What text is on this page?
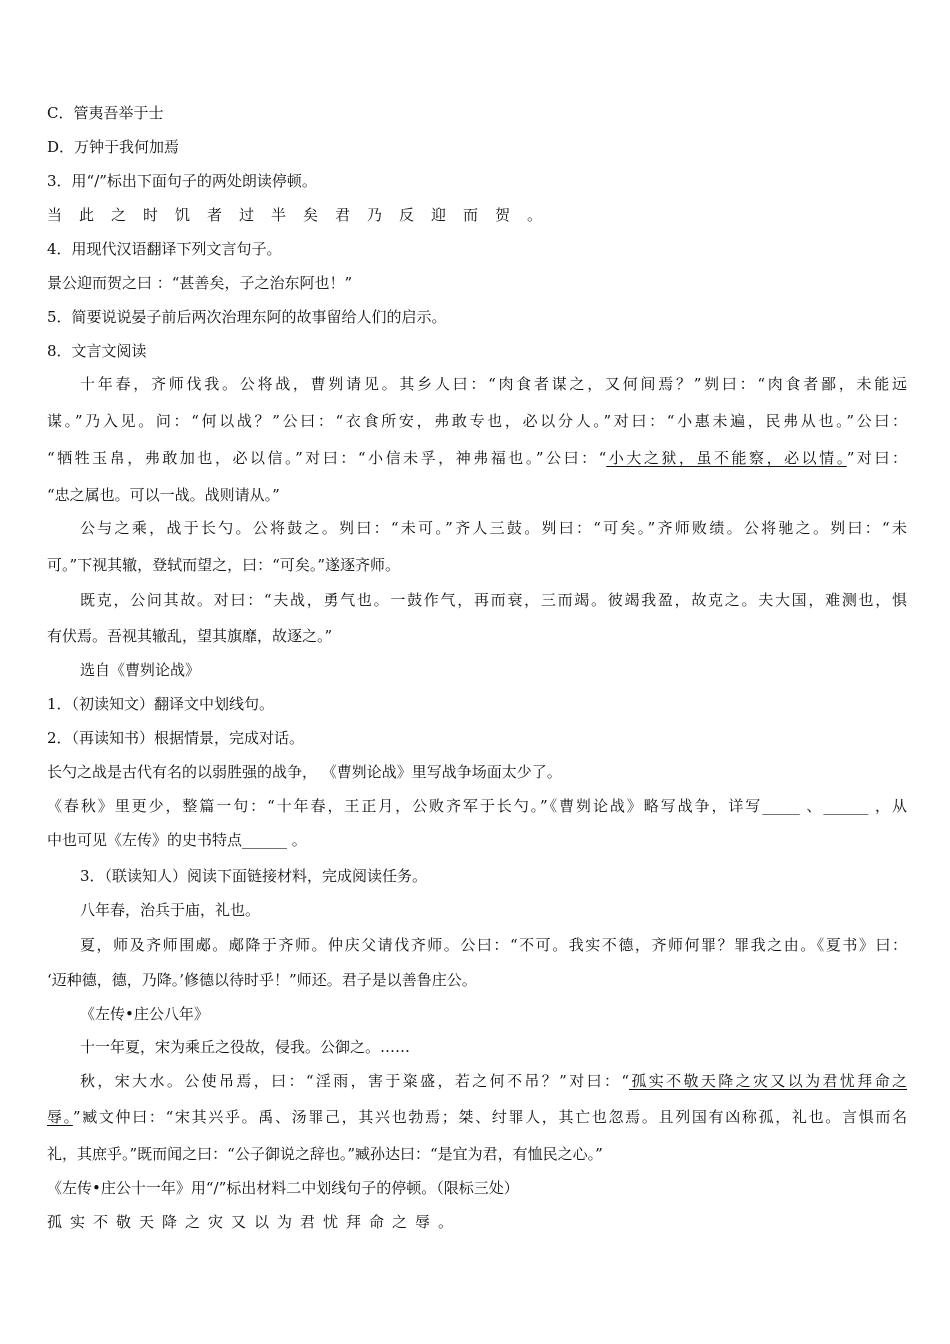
C．管夷吾举于士
D．万钟于我何加焉
3．用“/”标出下面句子的两处朗读停顿。
当此之时饥者过半矣君乃反迎而贺。
4．用现代汉语翻译下列文言句子。
景公迎而贺之曰 ：“甚善矣，子之治东阿也！”
5．简要说说晏子前后两次治理东阿的故事留给人们的启示。
8．文言文阅读
十年春，齐师伐我。公将战，曹刿请见。其乡人曰：“肉食者谋之，又何间焉？”刿曰：“肉食者鄙，未能远
谋。”乃入见。问：“何以战？”公曰：“衣食所安，弗敢专也，必以分人。”对曰：“小惠未遍，民弗从也。”公曰：
“牺牲玉帛，弗敢加也，必以信。”对曰：“小信未孚，神弗福也。”公曰：“小大之狱，虽不能察，必以情。”对曰：
“忠之属也。可以一战。战则请从。”
公与之乘，战于长勺。公将鼓之。刿曰：“未可。”齐人三鼓。刿曰：“可矣。”齐师败绩。公将驰之。刿曰：“未
可。”下视其辙，登轼而望之，曰：“可矣。”遂逐齐师。
既克，公问其故。对曰：“夫战，勇气也。一鼓作气，再而衰，三而竭。彼竭我盈，故克之。夫大国，难测也，惧
有伏焉。吾视其辙乱，望其旗靡，故逐之。”
选自《曹刿论战》
1．（初读知文）翻译文中划线句。
2．（再读知书）根据情景，完成对话。
长勺之战是古代有名的以弱胜强的战争， 《曹刿论战》里写战争场面太少了。
《春秋》里更少，整篇一句：“十年春，王正月，公败齐军于长勺。”《曹刿论战》略写战争，详写_____ 、______ ，从
中也可见《左传》的史书特点______ 。
3．（联读知人）阅读下面链接材料，完成阅读任务。
八年春，治兵于庙，礼也。
夏，师及齐师围郕。郕降于齐师。仲庆父请伐齐师。公曰：“不可。我实不德，齐师何罪？罪我之由。《夏书》曰：
‘迈种德，德，乃降。’修德以待时乎！”师还。君子是以善鲁庄公。
《左传•庄公八年》
十一年夏，宋为乘丘之役故，侵我。公御之。……
秋，宋大水。公使吊焉，曰：“淫雨，害于粢盛，若之何不吊？”对曰：“孤实不敬天降之灾又以为君忧拜命之
辱。”臧文仲曰：“宋其兴乎。禹、汤罪己，其兴也勃焉；桀、纣罪人，其亡也忽焉。且列国有凶称孤，礼也。言惧而名
礼，其庶乎。”既而闻之曰：“公子御说之辞也。”臧孙达曰：“是宜为君，有恤民之心。”
《左传•庄公十一年》用“/”标出材料二中划线句子的停顿。（限标三处）
孤实不敬天降之灾又以为君忧拜命之辱。
